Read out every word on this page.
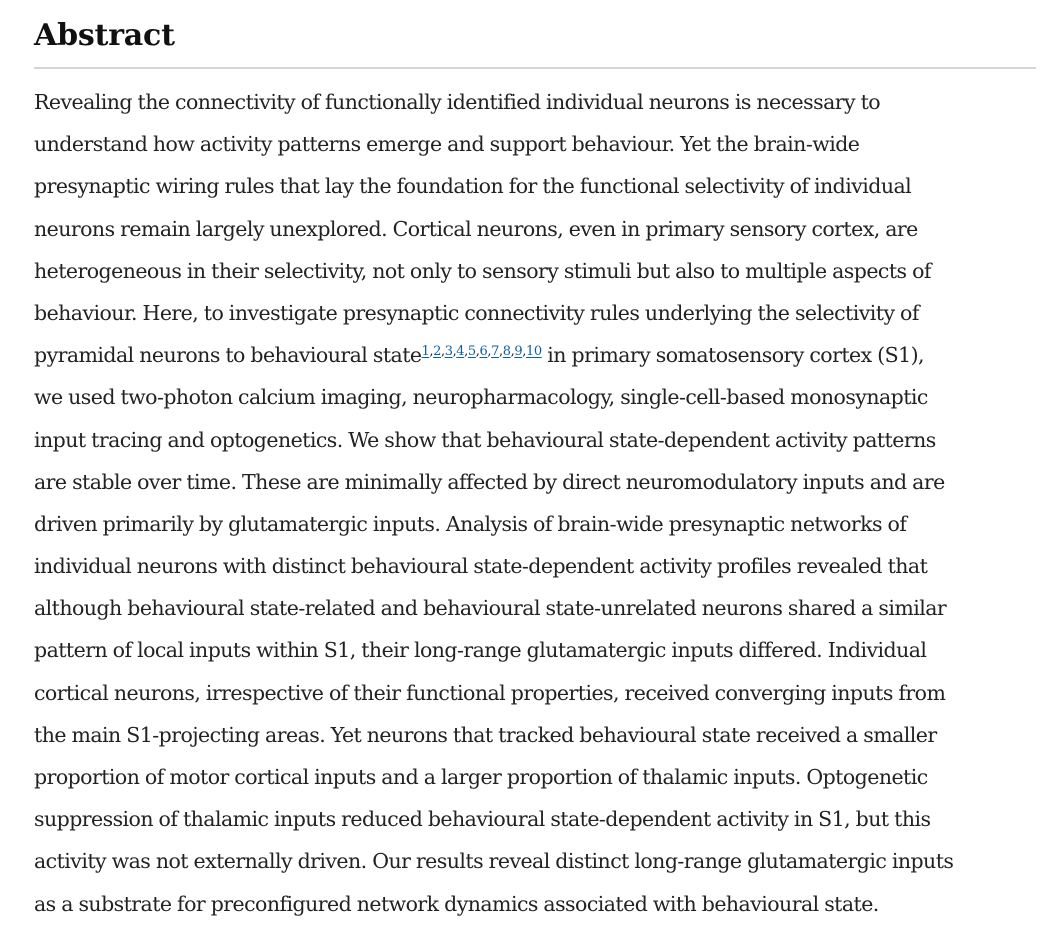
Abstract
Revealing the connectivity of functionally identified individual neurons is necessary to
understand how activity patterns emerge and support behaviour. Yet the brain-wide
presynaptic wiring rules that lay the foundation for the functional selectivity of individual
neurons remain largely unexplored. Cortical neurons, even in primary sensory cortex, are
heterogeneous in their selectivity, not only to sensory stimuli but also to multiple aspects of
behaviour. Here, to investigate presynaptic connectivity rules underlying the selectivity of
pyramidal neurons to behavioural state$^{1,2,3,4,5,6,7,8,9,10}$ in primary somatosensory cortex (S1),
we used two-photon calcium imaging, neuropharmacology, single-cell-based monosynaptic
input tracing and optogenetics. We show that behavioural state-dependent activity patterns
are stable over time. These are minimally affected by direct neuromodulatory inputs and are
driven primarily by glutamatergic inputs. Analysis of brain-wide presynaptic networks of
individual neurons with distinct behavioural state-dependent activity profiles revealed that
although behavioural state-related and behavioural state-unrelated neurons shared a similar
pattern of local inputs within S1, their long-range glutamatergic inputs differed. Individual
cortical neurons, irrespective of their functional properties, received converging inputs from
the main S1-projecting areas. Yet neurons that tracked behavioural state received a smaller
proportion of motor cortical inputs and a larger proportion of thalamic inputs. Optogenetic
suppression of thalamic inputs reduced behavioural state-dependent activity in S1, but this
activity was not externally driven. Our results reveal distinct long-range glutamatergic inputs
as a substrate for preconfigured network dynamics associated with behavioural state.
